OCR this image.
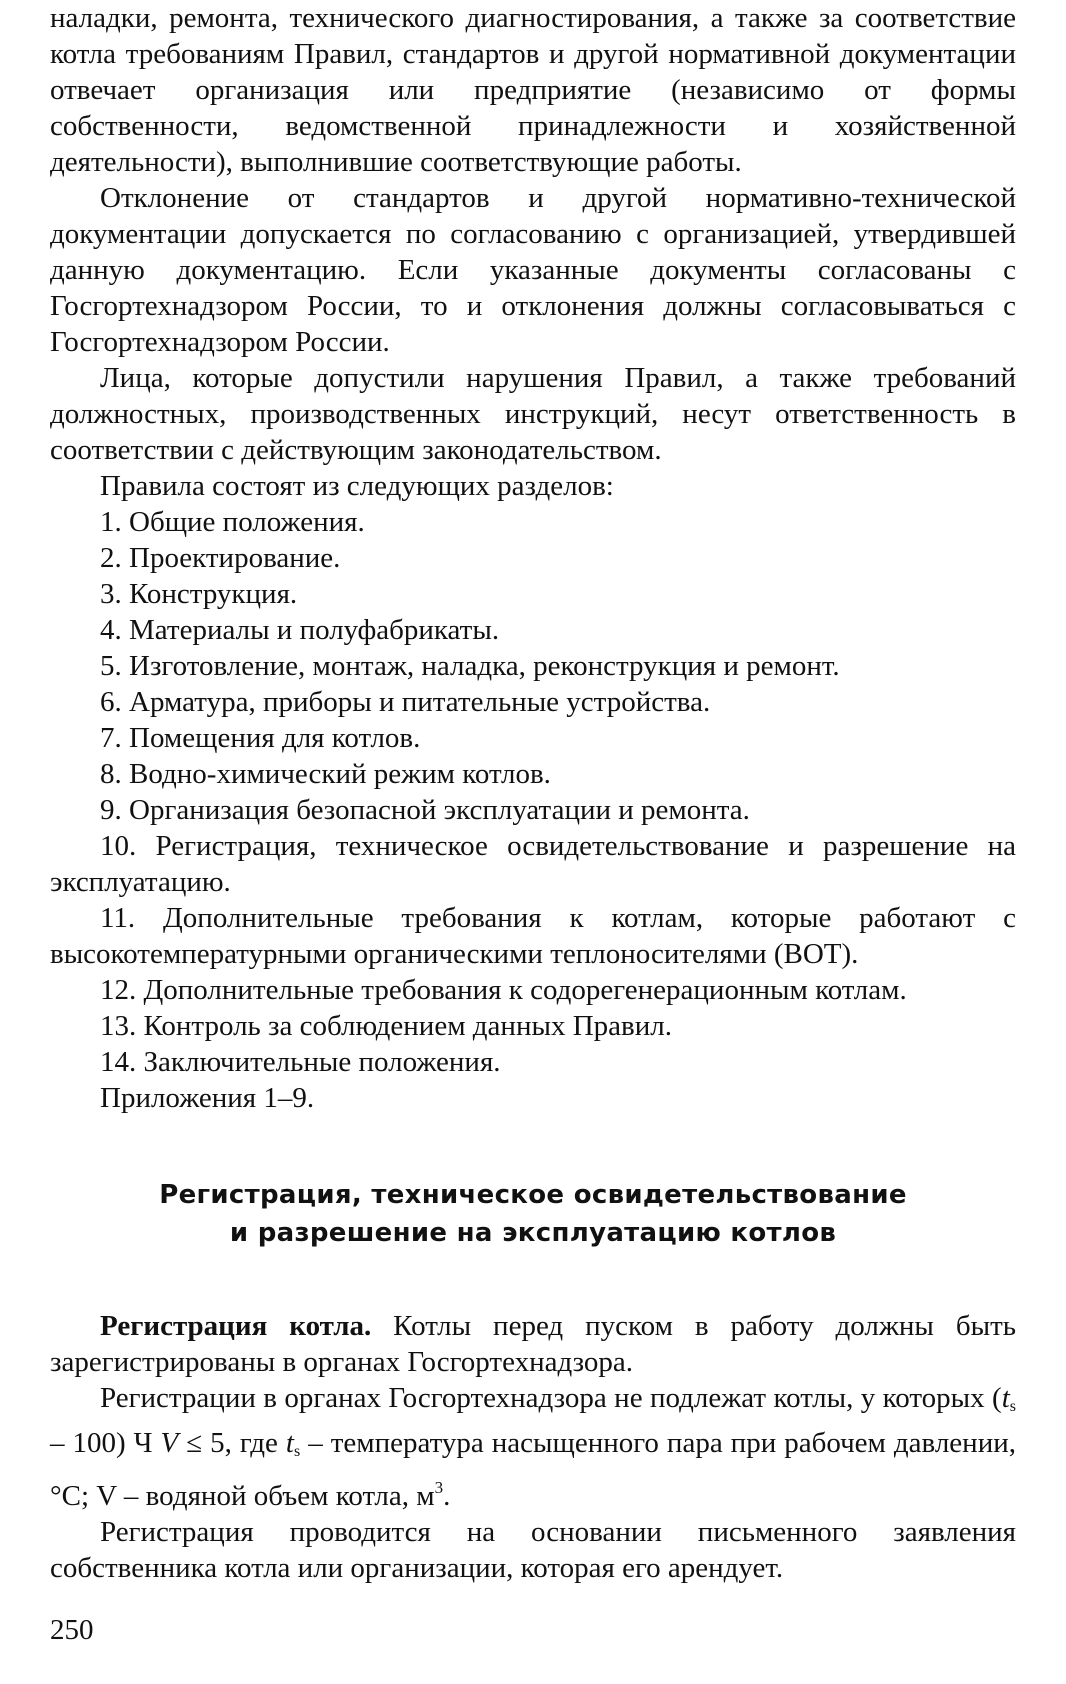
наладки, ремонта, технического диагностирования, а также за соответствие котла требованиям Правил, стандартов и другой нормативной документации отвечает организация или предприятие (независимо от формы собственности, ведомственной принадлежности и хозяйственной деятельности), выполнившие соответствующие работы.

Отклонение от стандартов и другой нормативно-технической документации допускается по согласованию с организацией, утвердившей данную документацию. Если указанные документы согласованы с Госгортехнадзором России, то и отклонения должны согласовываться с Госгортехнадзором России.

Лица, которые допустили нарушения Правил, а также требований должностных, производственных инструкций, несут ответственность в соответствии с действующим законодательством.

Правила состоят из следующих разделов:

1. Общие положения.
2. Проектирование.
3. Конструкция.
4. Материалы и полуфабрикаты.
5. Изготовление, монтаж, наладка, реконструкция и ремонт.
6. Арматура, приборы и питательные устройства.
7. Помещения для котлов.
8. Водно-химический режим котлов.
9. Организация безопасной эксплуатации и ремонта.
10. Регистрация, техническое освидетельствование и разрешение на эксплуатацию.
11. Дополнительные требования к котлам, которые работают с высокотемпературными органическими теплоносителями (ВОТ).
12. Дополнительные требования к содорегенерационным котлам.
13. Контроль за соблюдением данных Правил.
14. Заключительные положения.
Приложения 1–9.
Регистрация, техническое освидетельствование
и разрешение на эксплуатацию котлов

Регистрация котла. Котлы перед пуском в работу должны быть зарегистрированы в органах Госгортехнадзора.

Регистрации в органах Госгортехнадзора не подлежат котлы, у которых $(t_s - 100)$ Ч V ≤ 5, где $t_s$ – температура насыщенного пара при рабочем давлении, °С; V – водяной объем котла, $м^3$.

Регистрация проводится на основании письменного заявления собственника котла или организации, которая его арендует.

250
